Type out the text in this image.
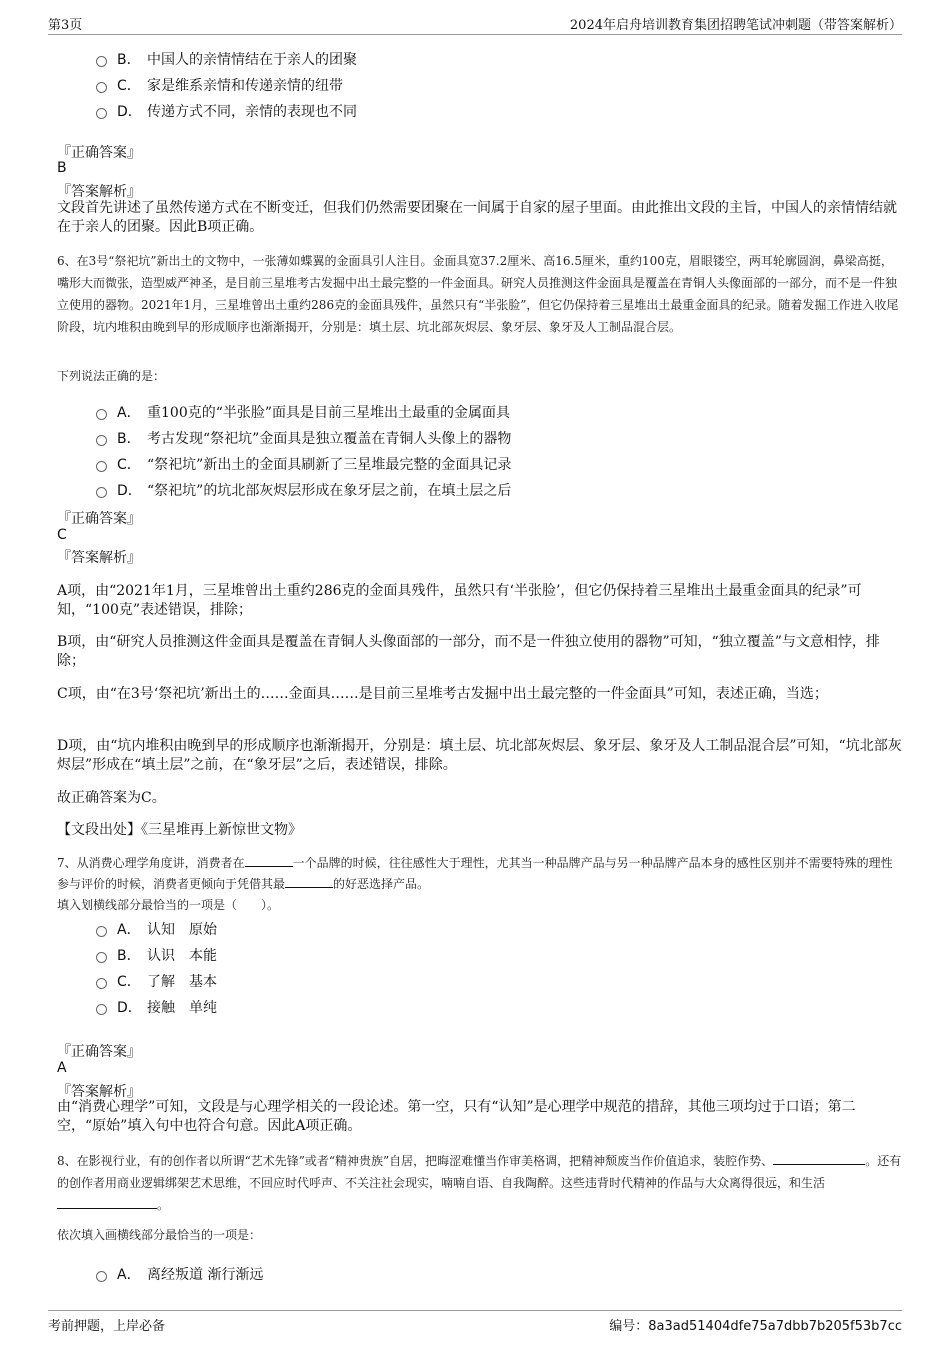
第3页	2024年启舟培训教育集团招聘笔试冲刺题（带答案解析）
B． 中国人的亲情情结在于亲人的团聚
C． 家是维系亲情和传递亲情的纽带
D． 传递方式不同，亲情的表现也不同
『正确答案』
B
『答案解析』
文段首先讲述了虽然传递方式在不断变迁，但我们仍然需要团聚在一间属于自家的屋子里面。由此推出文段的主旨，中国人的亲情情结就在于亲人的团聚。因此B项正确。
6、在3号“祭祀坑”新出土的文物中，一张薄如蝶翼的金面具引人注目。金面具宽37.2厘米、高16.5厘米，重约100克，眉眼镂空，两耳轮廓圆润，鼻梁高挺，嘴形大而微张，造型威严神圣，是目前三星堆考古发掘中出土最完整的一件金面具。研究人员推测这件金面具是覆盖在青铜人头像面部的一部分，而不是一件独立使用的器物。2021年1月，三星堆曾出土重约286克的金面具残件，虽然只有“半张脸”，但它仍保持着三星堆出土最重金面具的纪录。随着发掘工作进入收尾阶段，坑内堆积由晚到早的形成顺序也渐渐揭开，分别是：填土层、坑北部灰烬层、象牙层、象牙及人工制品混合层。
下列说法正确的是：
A． 重100克的“半张脸”面具是目前三星堆出土最重的金属面具
B． 考古发现“祭祀坑”金面具是独立覆盖在青铜人头像上的器物
C． “祭祀坑”新出土的金面具刷新了三星堆最完整的金面具记录
D． “祭祀坑”的坑北部灰烬层形成在象牙层之前，在填土层之后
『正确答案』
C
『答案解析』
A项，由“2021年1月，三星堆曾出土重约286克的金面具残件，虽然只有‘半张脸’，但它仍保持着三星堆出土最重金面具的纪录”可知，“100克”表述错误，排除；
B项，由“研究人员推测这件金面具是覆盖在青铜人头像面部的一部分，而不是一件独立使用的器物”可知，“独立覆盖”与文意相悖，排除；
C项，由“在3号‘祭祀坑’新出土的……金面具……是目前三星堆考古发掘中出土最完整的一件金面具”可知，表述正确，当选；
D项，由“坑内堆积由晚到早的形成顺序也渐渐揭开，分别是：填土层、坑北部灰烬层、象牙层、象牙及人工制品混合层”可知，“坑北部灰烬层”形成在“填土层”之前，在“象牙层”之后，表述错误，排除。
故正确答案为C。
【文段出处】《三星堆再上新惊世文物》
7、从消费心理学角度讲，消费者在	一个品牌的时候，往往感性大于理性，尤其当一种品牌产品与另一种品牌产品本身的感性区别并不需要特殊的理性参与评价的时候，消费者更倾向于凭借其最	的好恶选择产品。
填入划横线部分最恰当的一项是（　　）。
A． 认知　原始
B． 认识　本能
C． 了解　基本
D． 接触　单纯
『正确答案』
A
『答案解析』
由“消费心理学”可知，文段是与心理学相关的一段论述。第一空，只有“认知”是心理学中规范的措辞，其他三项均过于口语；第二空，“原始”填入句中也符合句意。因此A项正确。
8、在影视行业，有的创作者以所谓“艺术先锋”或者“精神贵族”自居，把晦涩难懂当作审美格调，把精神颓废当作价值追求，装腔作势、	。还有的创作者用商业逻辑绑架艺术思维，不回应时代呼声、不关注社会现实，喃喃自语、自我陶醉。这些违背时代精神的作品与大众离得很远，和生活。
依次填入画横线部分最恰当的一项是：
A． 离经叛道 渐行渐远
考前押题，上岸必备	编号：8a3ad51404dfe75a7dbb7b205f53b7cc
